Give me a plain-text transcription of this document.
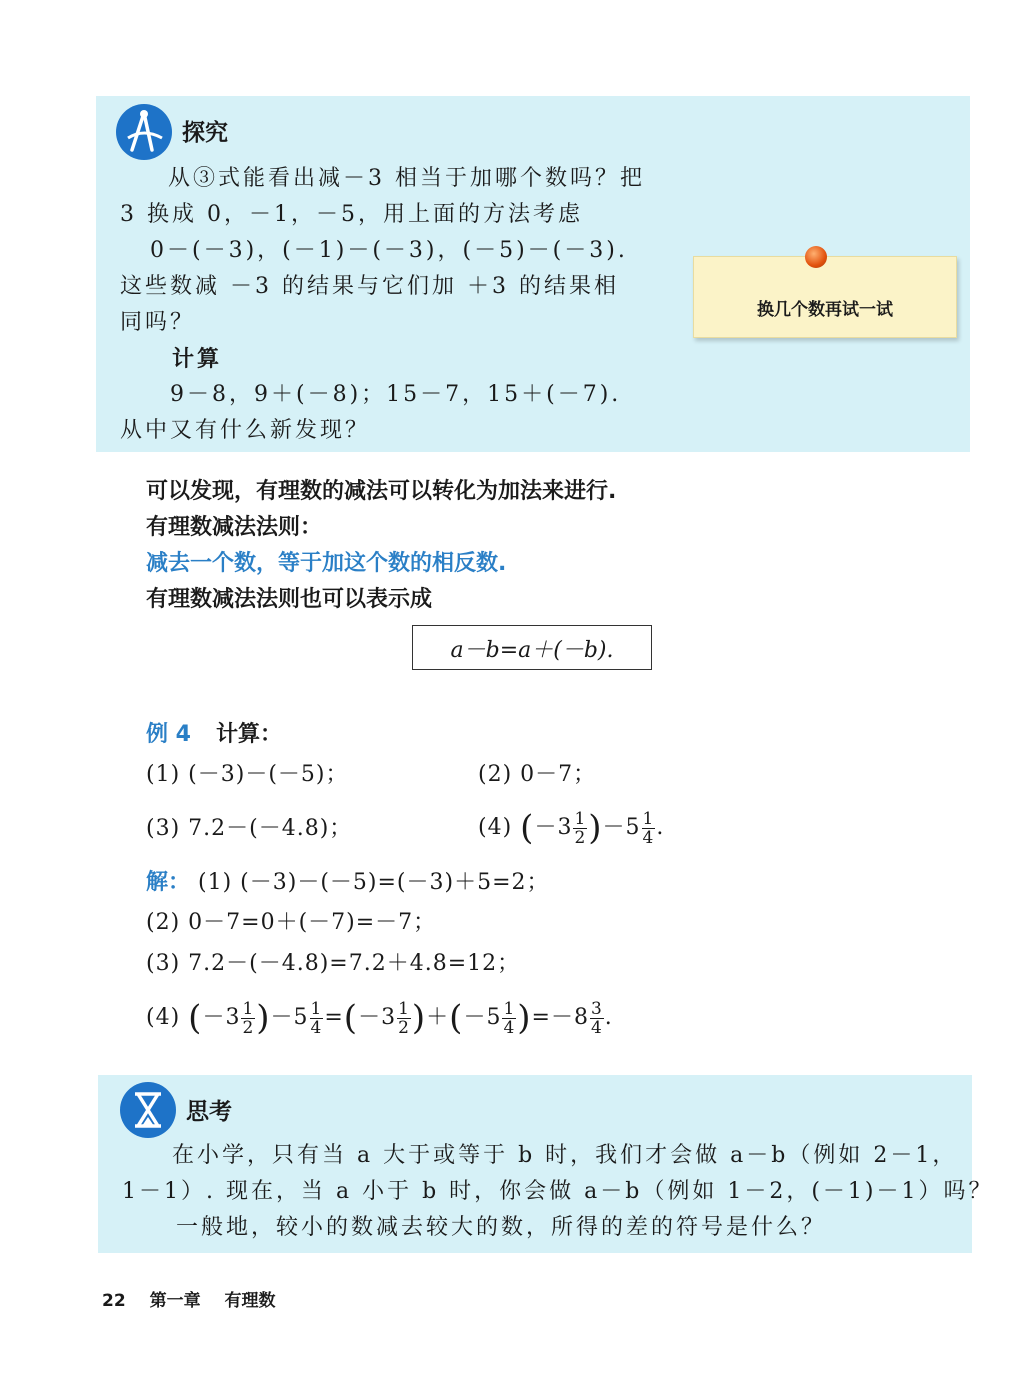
探究
从③式能看出减－3 相当于加哪个数吗？把
3 换成 0，－1，－5，用上面的方法考虑
0－(－3)，(－1)－(－3)，(－5)－(－3).
这些数减 －3 的结果与它们加 ＋3 的结果相
同吗？
计算
9－8，9＋(－8)；15－7，15＋(－7).
从中又有什么新发现？
换几个数再试一试
可以发现，有理数的减法可以转化为加法来进行.
有理数减法法则：
减去一个数，等于加这个数的相反数.
有理数减法法则也可以表示成
a－b=a＋(－b).
例 4 计算：
(1) (－3)－(－5)；	(2) 0－7；
(3) 7.2－(－4.8)；	(4) $(-3 \frac{1}{2} )-5 \frac{1}{4}$ .
解： (1) (－3)－(－5)=(－3)＋5=2；
(2) 0－7=0＋(－7)=－7；
(3) 7.2－(－4.8)=7.2＋4.8=12；
(4) $(-3 \frac{1}{2} )-5 \frac{1}{4} =(-3 \frac{1}{2} )+(-5 \frac{1}{4} )=-8 \frac{3}{4}$ .
思考
在小学，只有当 a 大于或等于 b 时，我们才会做 a－b（例如 2－1，
1－1）. 现在，当 a 小于 b 时，你会做 a－b（例如 1－2，(－1)－1）吗？
一般地，较小的数减去较大的数，所得的差的符号是什么？
22 第一章 有理数
